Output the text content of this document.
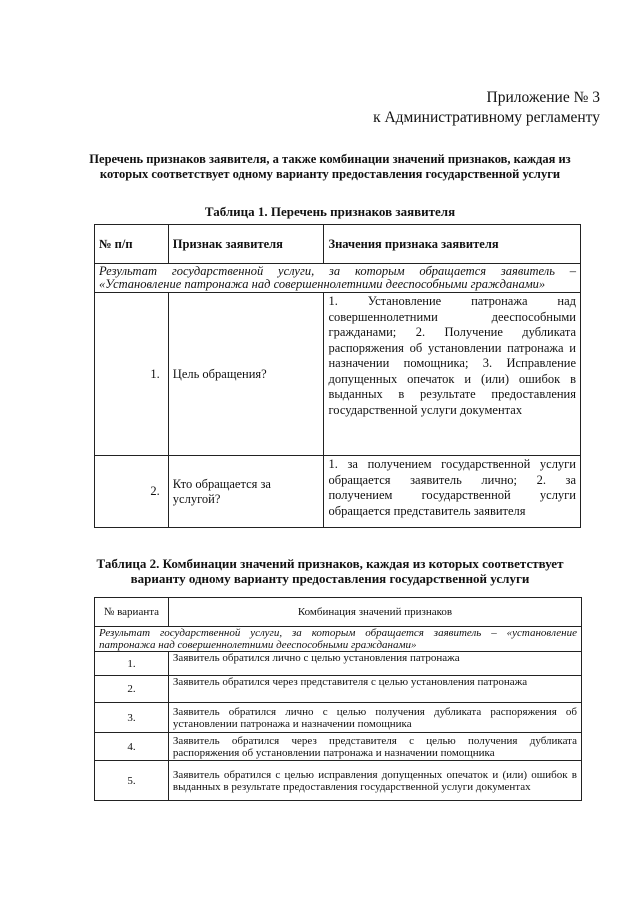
Приложение № 3
к Административному регламенту
Перечень признаков заявителя, а также комбинации значений признаков, каждая из которых соответствует одному варианту предоставления государственной услуги
Таблица 1. Перечень признаков заявителя
№ п/п	Признак заявителя	Значения признака заявителя
Результат государственной услуги, за которым обращается заявитель – «Установление патронажа над совершеннолетними дееспособными гражданами»		
1.	Цель обращения?	1. Установление патронажа над совершеннолетними дееспособными гражданами; 2. Получение дубликата распоряжения об установлении патронажа и назначении помощника; 3. Исправление допущенных опечаток и (или) ошибок в выданных в результате предоставления государственной услуги документах
2.	Кто обращается за услугой?	1. за получением государственной услуги обращается заявитель лично; 2. за получением государственной услуги обращается представитель заявителя
Таблица 2. Комбинации значений признаков, каждая из которых соответствует варианту одному варианту предоставления государственной услуги
№ варианта	Комбинация значений признаков
Результат государственной услуги, за которым обращается заявитель – «установление патронажа над совершеннолетними дееспособными гражданами»	
1.	Заявитель обратился лично с целью установления патронажа
2.	Заявитель обратился через представителя с целью установления патронажа
3.	Заявитель обратился лично с целью получения дубликата распоряжения об установлении патронажа и назначении помощника
4.	Заявитель обратился через представителя с целью получения дубликата распоряжения об установлении патронажа и назначении помощника
5.	Заявитель обратился с целью исправления допущенных опечаток и (или) ошибок в выданных в результате предоставления государственной услуги документах
